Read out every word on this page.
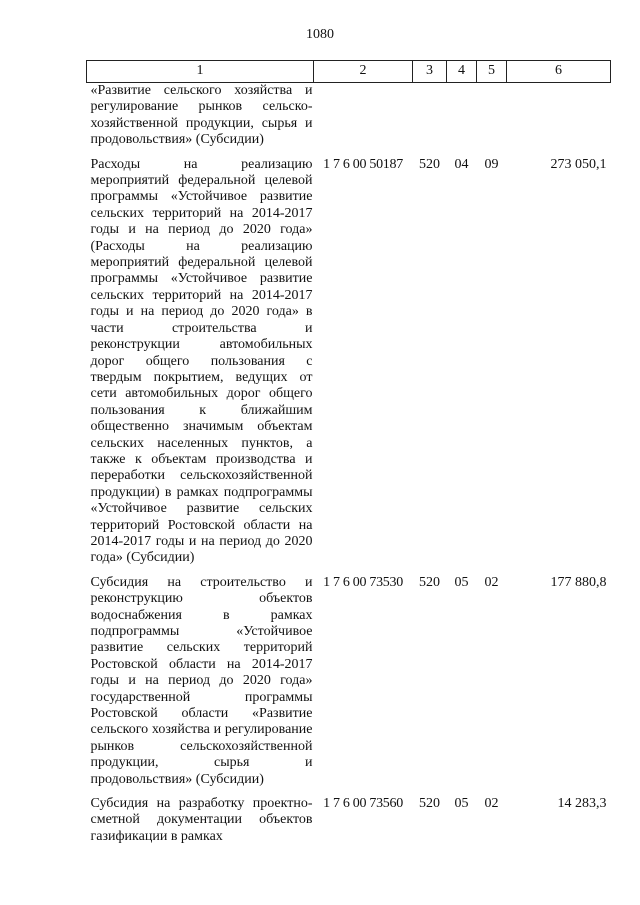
1080
1	2	3	4	5	6
«Развитие сельского хозяйства и регулирование рынков сельскохозяйственной продукции, сырья и продовольствия» (Субсидии)					
Расходы на реализацию мероприятий федеральной целевой программы «Устойчивое развитие сельских территорий на 2014-2017 годы и на период до 2020 года» (Расходы на реализацию мероприятий федеральной целевой программы «Устойчивое развитие сельских территорий на 2014-2017 годы и на период до 2020 года» в части строительства и реконструкции автомобильных дорог общего пользования с твердым покрытием, ведущих от сети автомобильных дорог общего пользования к ближайшим общественно значимым объектам сельских населенных пунктов, а также к объектам производства и переработки сельскохозяйственной продукции) в рамках подпрограммы «Устойчивое развитие сельских территорий Ростовской области на 2014-2017 годы и на период до 2020 года» (Субсидии)	1 7 6 00 50187	520	04	09	273 050,1
Субсидия на строительство и реконструкцию объектов водоснабжения в рамках подпрограммы «Устойчивое развитие сельских территорий Ростовской области на 2014-2017 годы и на период до 2020 года» государственной программы Ростовской области «Развитие сельского хозяйства и регулирование рынков сельскохозяйственной продукции, сырья и продовольствия» (Субсидии)	1 7 6 00 73530	520	05	02	177 880,8
Субсидия на разработку проектно-сметной документации объектов газификации в рамках	1 7 6 00 73560	520	05	02	14 283,3
